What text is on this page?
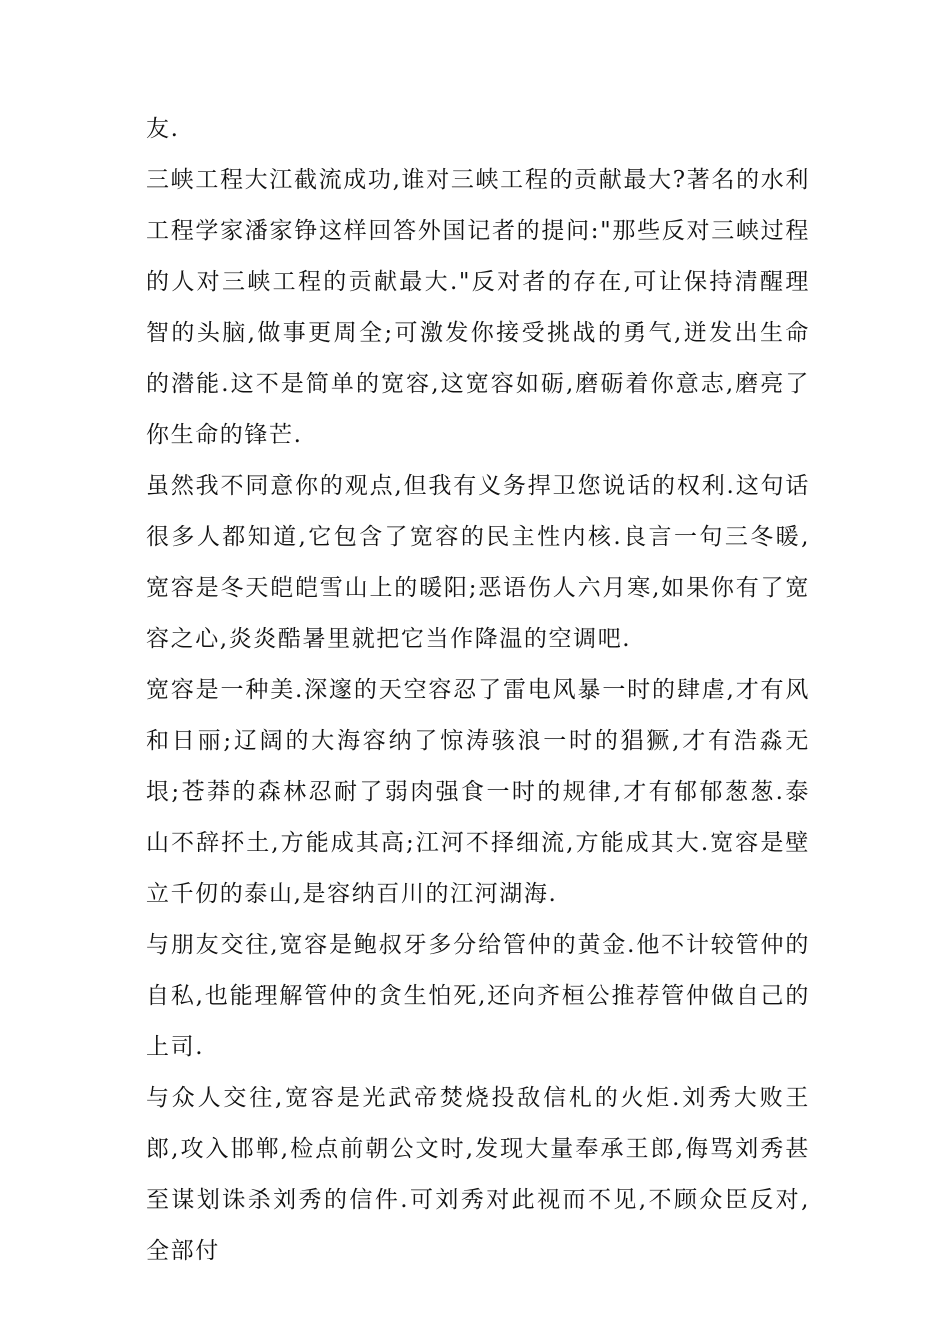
友.

三峡工程大江截流成功,谁对三峡工程的贡献最大?著名的水利工程学家潘家铮这样回答外国记者的提问:"那些反对三峡过程的人对三峡工程的贡献最大."反对者的存在,可让保持清醒理智的头脑,做事更周全;可激发你接受挑战的勇气,迸发出生命的潜能.这不是简单的宽容,这宽容如砺,磨砺着你意志,磨亮了你生命的锋芒.

虽然我不同意你的观点,但我有义务捍卫您说话的权利.这句话很多人都知道,它包含了宽容的民主性内核.良言一句三冬暖,宽容是冬天皑皑雪山上的暖阳;恶语伤人六月寒,如果你有了宽容之心,炎炎酷暑里就把它当作降温的空调吧.

宽容是一种美.深邃的天空容忍了雷电风暴一时的肆虐,才有风和日丽;辽阔的大海容纳了惊涛骇浪一时的猖獗,才有浩淼无垠;苍莽的森林忍耐了弱肉强食一时的规律,才有郁郁葱葱.泰山不辞抔土,方能成其高;江河不择细流,方能成其大.宽容是壁立千仞的泰山,是容纳百川的江河湖海.

与朋友交往,宽容是鲍叔牙多分给管仲的黄金.他不计较管仲的自私,也能理解管仲的贪生怕死,还向齐桓公推荐管仲做自己的上司.

与众人交往,宽容是光武帝焚烧投敌信札的火炬.刘秀大败王郎,攻入邯郸,检点前朝公文时,发现大量奉承王郎,侮骂刘秀甚至谋划诛杀刘秀的信件.可刘秀对此视而不见,不顾众臣反对,全部付
